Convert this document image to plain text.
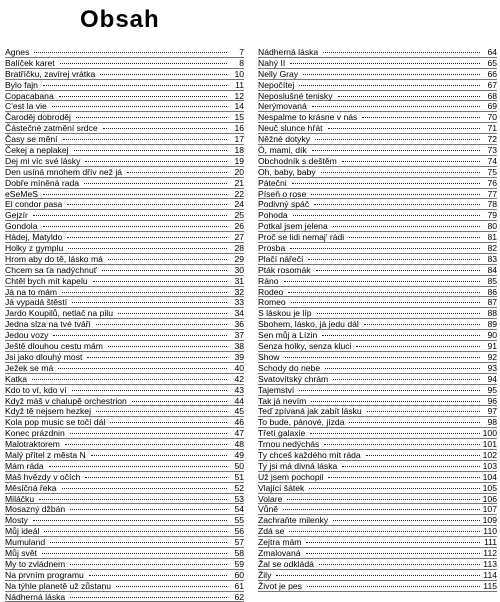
Obsah
Agnes	7
Balíček karet	8
Bratříčku, zavírej vrátka	10
Bylo fajn	11
Copacabana	12
C'est la vie	14
Čaroděj dobroděj	15
Částečné zatmění srdce	16
Časy se mění	17
Čekej a neplakej	18
Dej mi víc své lásky	19
Den usíná mnohem dřív než já	20
Dobře míněná rada	21
eSeMeS	22
El condor pasa	24
Gejzír	25
Gondola	26
Hádej, Matyldo	27
Holky z gymplu	28
Hrom aby do tě, lásko má	29
Chcem sa ťa nadýchnuť	30
Chtěl bych mít kapelu	31
Já na to mám	32
Já vypadá štěstí	33
Jardo Koupilů, netlač na pilu	34
Jedna slza na tvé tváři	36
Jedou vozy	37
Ještě dlouhou cestu mám	38
Jsi jako dlouhý most	39
Ježek se má	40
Katka	42
Kdo to ví, kdo ví	43
Když máš v chalupě orchestrion	44
Když tě nejsem hezkej	45
Kola pop music se točí dál	46
Konec prázdnin	47
Malotraktorem	48
Malý přítel z města N	49
Mám ráda	50
Máš hvězdy v očích	51
Měsíčná řeka	52
Miláčku	53
Mosazný džbán	54
Mosty	55
Můj ideál	56
Mumuland	57
Můj svět	58
My to zvládnem	59
Na prvním programu	60
Na týhle planetě už zůstanu	61
Nádherná láska	62
Nádherná láska	64
Nahý II	65
Nelly Gray	66
Nepočítej	67
Neposlušné tenisky	68
Nerýmovaná	69
Nespalme to krásne v nás	70
Neuč slunce hřát	71
Něžné dotyky	72
Ó, mami, dík	73
Obchodník s deštěm	74
Oh, baby, baby	75
Pátečni	76
Píseň o rose	77
Podivný spáč	78
Pohoda	79
Potkal jsem jelena	80
Proč se lidi nemaj' rádi	81
Prosba	82
Plačí nářečí	83
Pták rosomák	84
Ráno	85
Rodeo	86
Romeo	87
S láskou je líp	88
Sbohem, lásko, já jedu dál	89
Sen můj a Lízin	90
Senza holky, senza kluci	91
Show	92
Schody do nebe	93
Svatovítský chrám	94
Tajemství	95
Tak já nevím	96
Teď zpívaná jak zabít lásku	97
To bude, pánové, jízda	98
Třetí galaxie	100
Trnou nedýchás	101
Ty chceš každého mít ráda	102
Ty jsi má divná láska	103
Už jsem pochopil	104
Vlající šátek	105
Volare	106
Vůně	107
Zachraňte milenky	109
Zdá se	110
Zejtra mám	111
Zmalovaná	112
Žal se odkládá	113
Žily	114
Život je pes	115
